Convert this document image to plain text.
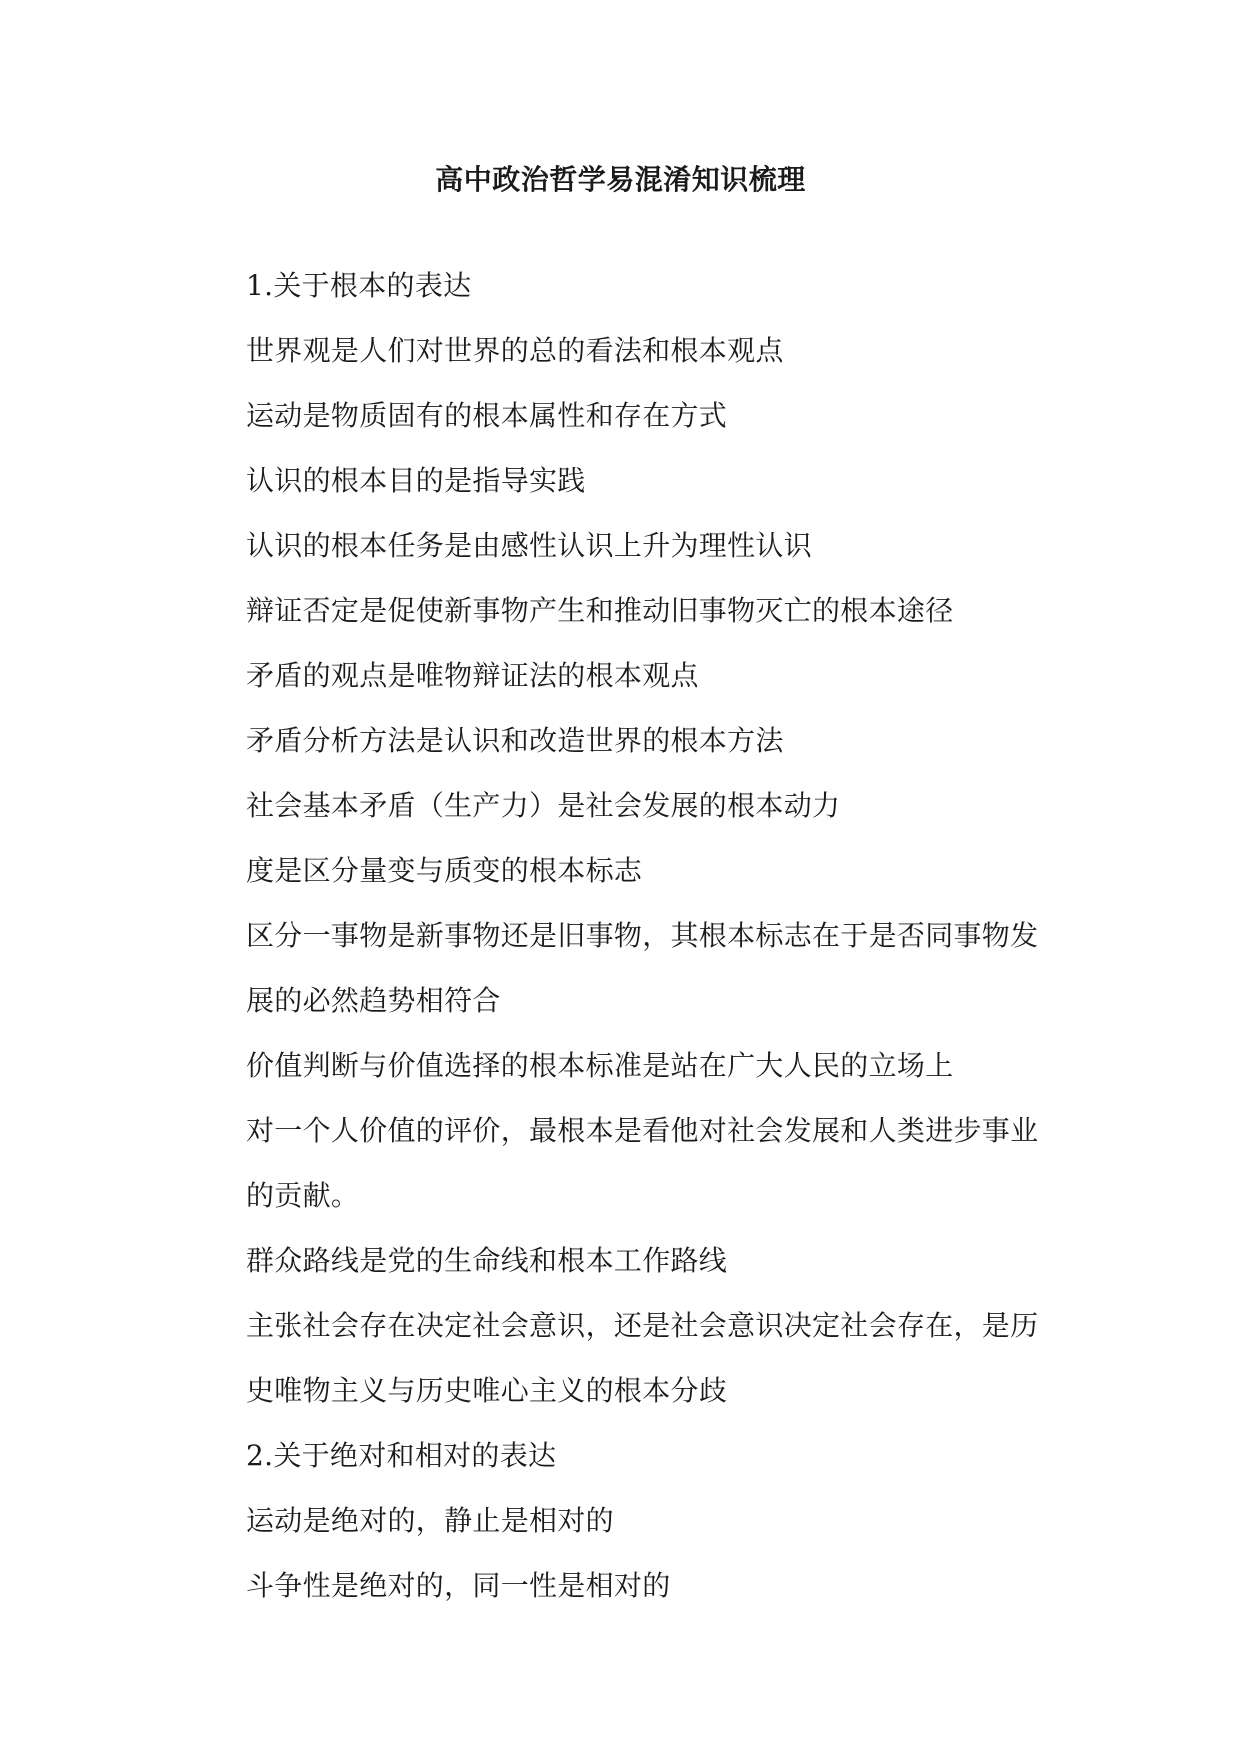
高中政治哲学易混淆知识梳理
1.关于根本的表达
世界观是人们对世界的总的看法和根本观点
运动是物质固有的根本属性和存在方式
认识的根本目的是指导实践
认识的根本任务是由感性认识上升为理性认识
辩证否定是促使新事物产生和推动旧事物灭亡的根本途径
矛盾的观点是唯物辩证法的根本观点
矛盾分析方法是认识和改造世界的根本方法
社会基本矛盾（生产力）是社会发展的根本动力
度是区分量变与质变的根本标志
区分一事物是新事物还是旧事物，其根本标志在于是否同事物发
展的必然趋势相符合
价值判断与价值选择的根本标准是站在广大人民的立场上
对一个人价值的评价，最根本是看他对社会发展和人类进步事业
的贡献。
群众路线是党的生命线和根本工作路线
主张社会存在决定社会意识，还是社会意识决定社会存在，是历
史唯物主义与历史唯心主义的根本分歧
2.关于绝对和相对的表达
运动是绝对的，静止是相对的
斗争性是绝对的，同一性是相对的
